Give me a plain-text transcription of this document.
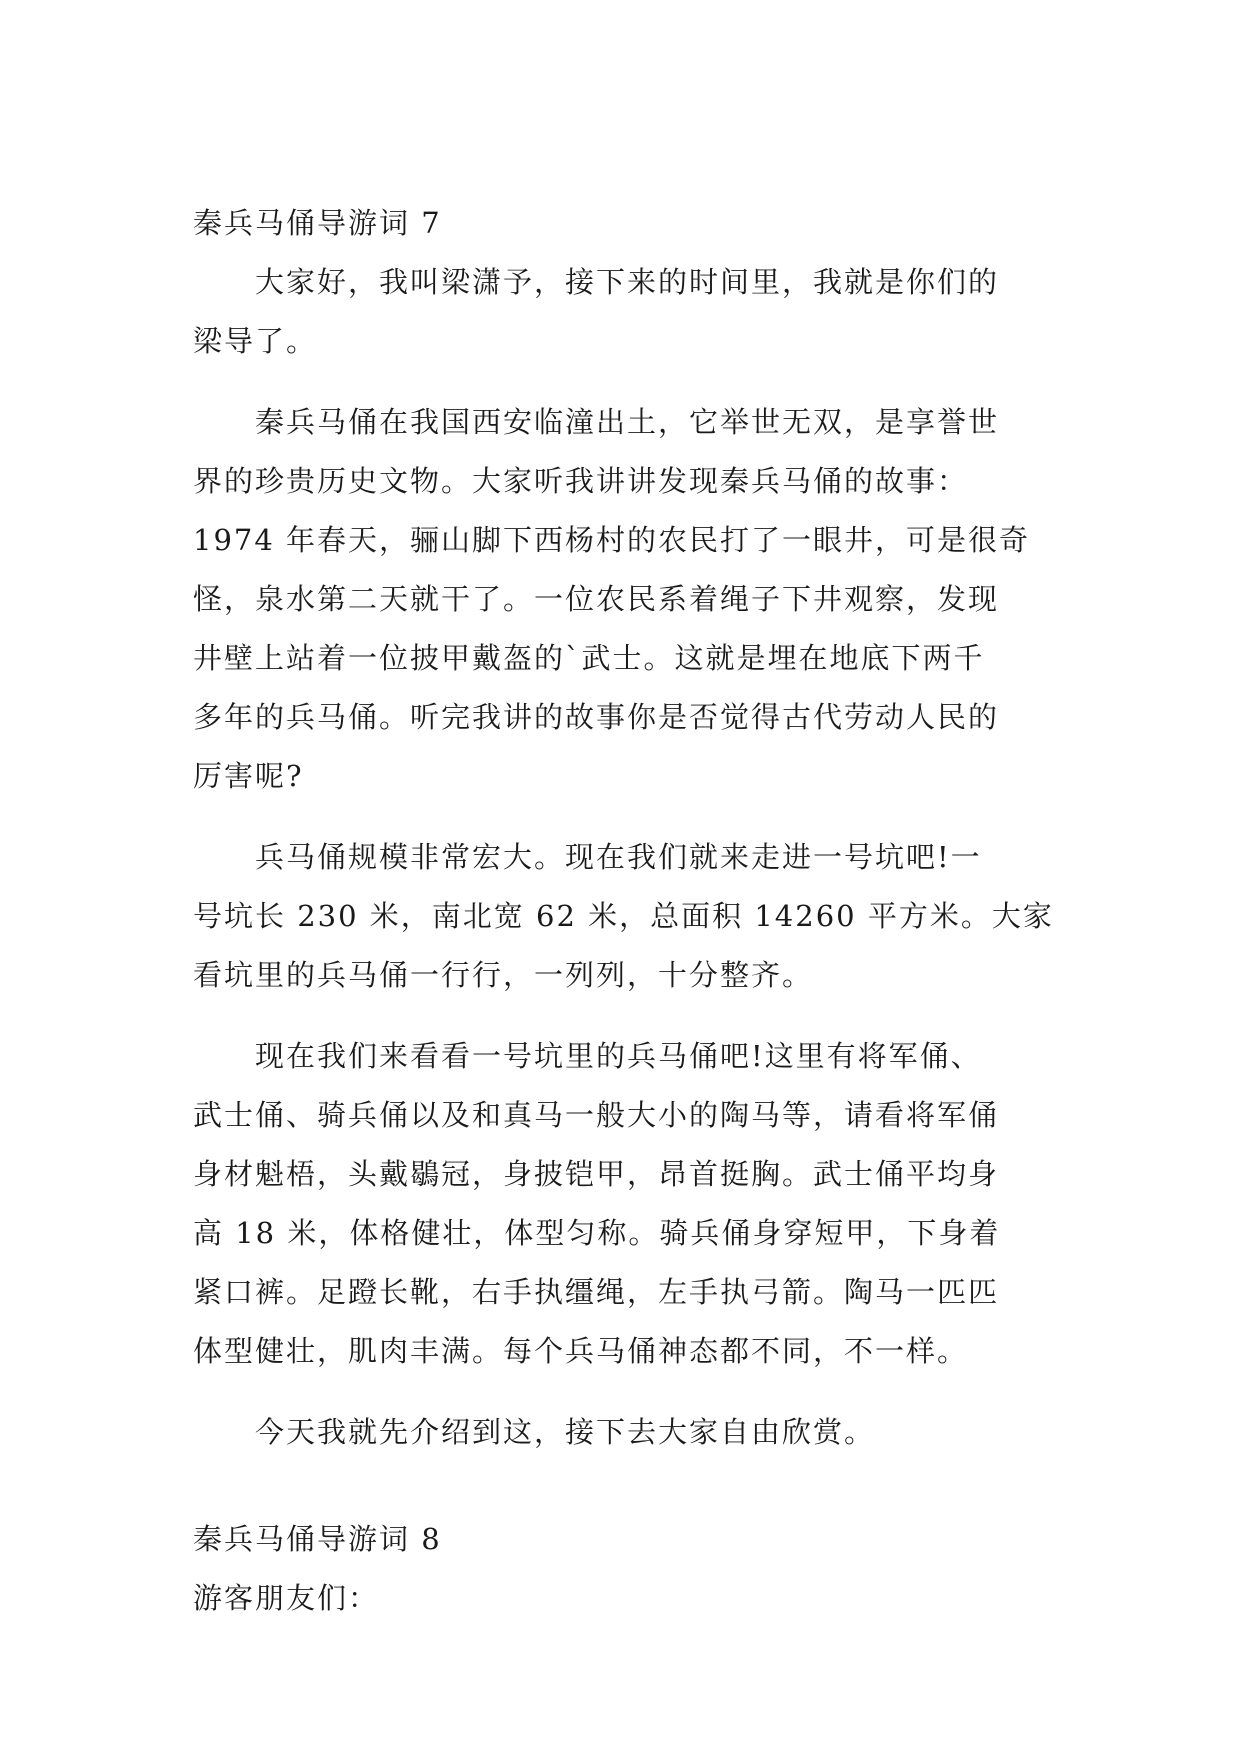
秦兵马俑导游词 7
大家好，我叫梁潇予，接下来的时间里，我就是你们的
梁导了。
秦兵马俑在我国西安临潼出土，它举世无双，是享誉世
界的珍贵历史文物。大家听我讲讲发现秦兵马俑的故事：
1974 年春天，骊山脚下西杨村的农民打了一眼井，可是很奇
怪，泉水第二天就干了。一位农民系着绳子下井观察，发现
井壁上站着一位披甲戴盔的`武士。这就是埋在地底下两千
多年的兵马俑。听完我讲的故事你是否觉得古代劳动人民的
厉害呢?
兵马俑规模非常宏大。现在我们就来走进一号坑吧!一
号坑长 230 米，南北宽 62 米，总面积 14260 平方米。大家
看坑里的兵马俑一行行，一列列，十分整齐。
现在我们来看看一号坑里的兵马俑吧!这里有将军俑、
武士俑、骑兵俑以及和真马一般大小的陶马等，请看将军俑
身材魁梧，头戴鶡冠，身披铠甲，昂首挺胸。武士俑平均身
高 18 米，体格健壮，体型匀称。骑兵俑身穿短甲，下身着
紧口裤。足蹬长靴，右手执缰绳，左手执弓箭。陶马一匹匹
体型健壮，肌肉丰满。每个兵马俑神态都不同，不一样。
今天我就先介绍到这，接下去大家自由欣赏。
秦兵马俑导游词 8
游客朋友们：
